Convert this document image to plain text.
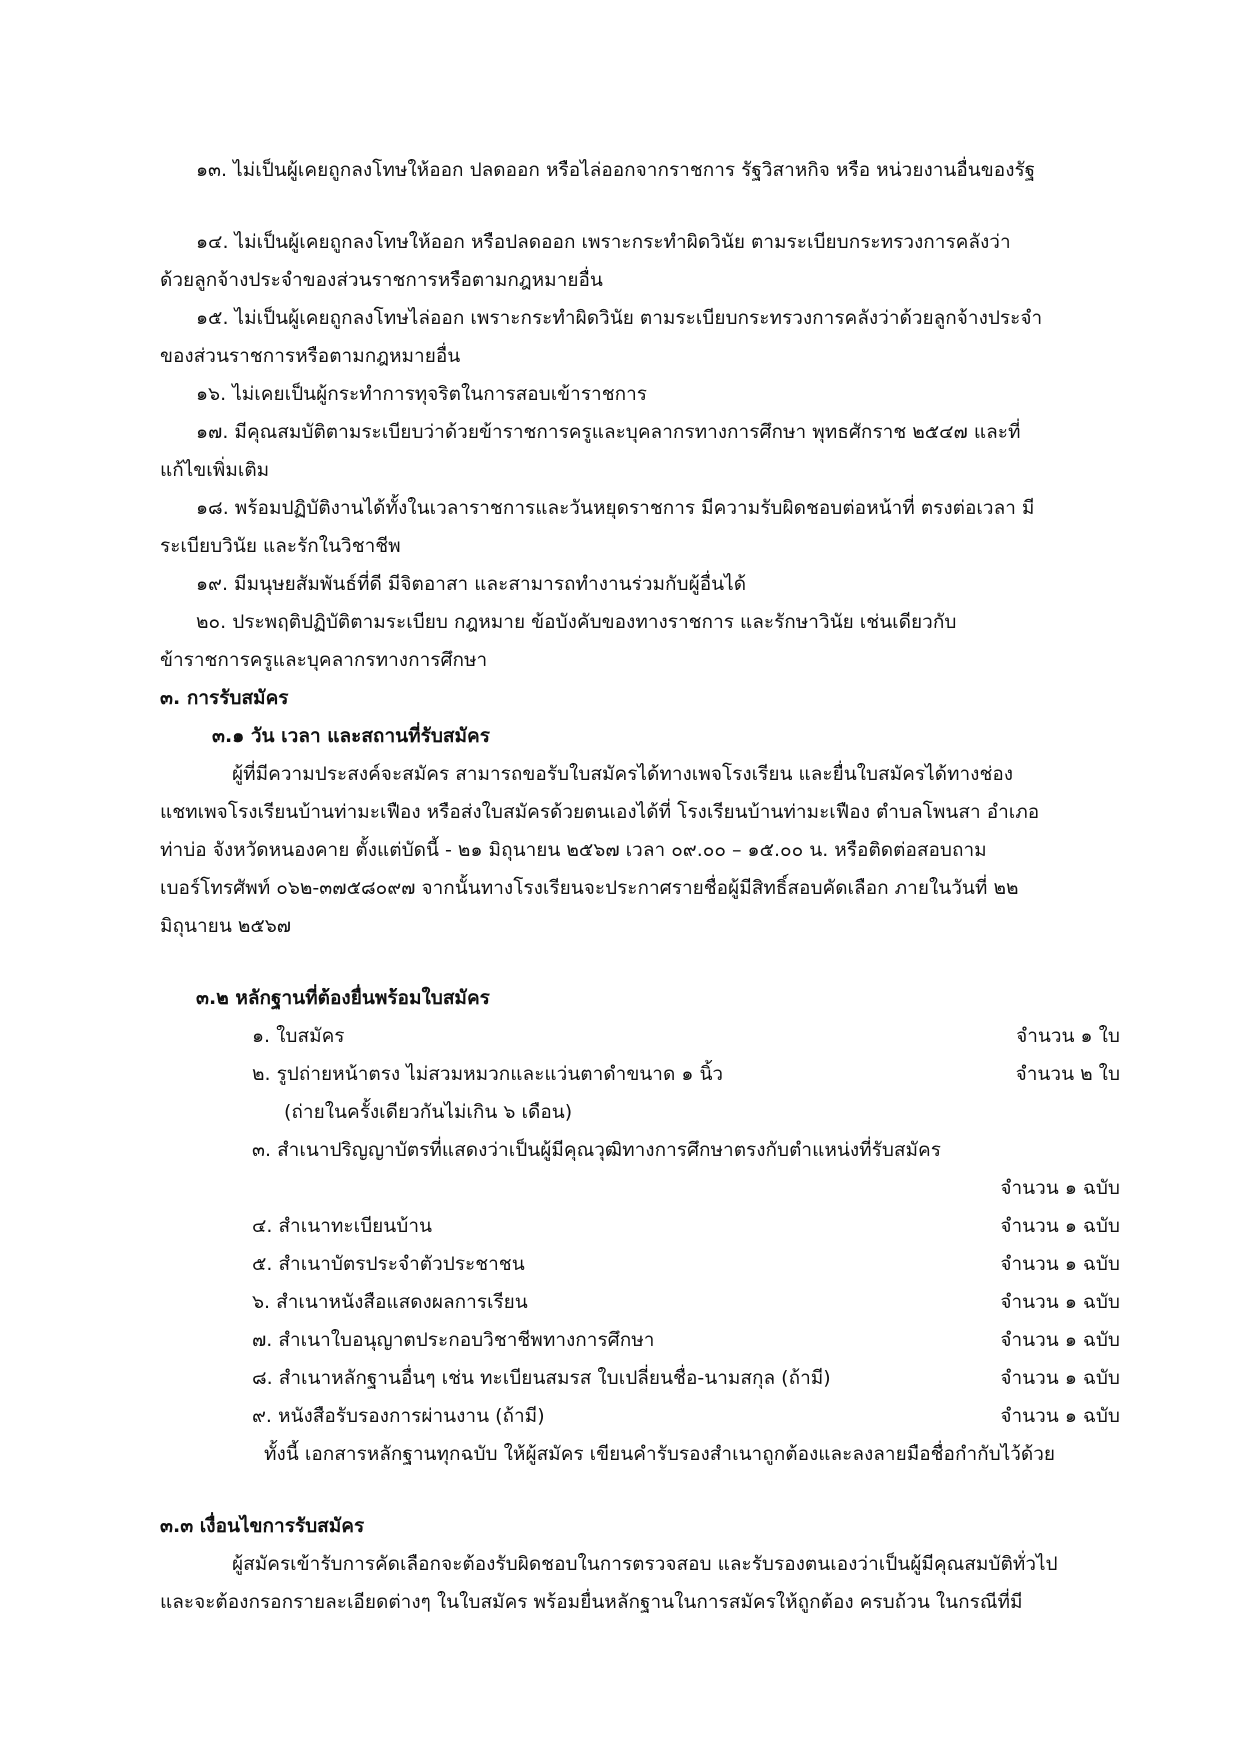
๑๓. ไม่เป็นผู้เคยถูกลงโทษให้ออก ปลดออก หรือไล่ออกจากราชการ รัฐวิสาหกิจ หรือ หน่วยงานอื่นของรัฐ
๑๔. ไม่เป็นผู้เคยถูกลงโทษให้ออก หรือปลดออก เพราะกระทำผิดวินัย ตามระเบียบกระทรวงการคลังว่า
ด้วยลูกจ้างประจำของส่วนราชการหรือตามกฎหมายอื่น
๑๕. ไม่เป็นผู้เคยถูกลงโทษไล่ออก เพราะกระทำผิดวินัย ตามระเบียบกระทรวงการคลังว่าด้วยลูกจ้างประจำ
ของส่วนราชการหรือตามกฎหมายอื่น
๑๖. ไม่เคยเป็นผู้กระทำการทุจริตในการสอบเข้าราชการ
๑๗. มีคุณสมบัติตามระเบียบว่าด้วยข้าราชการครูและบุคลากรทางการศึกษา พุทธศักราช ๒๕๔๗ และที่
แก้ไขเพิ่มเติม
๑๘. พร้อมปฏิบัติงานได้ทั้งในเวลาราชการและวันหยุดราชการ มีความรับผิดชอบต่อหน้าที่ ตรงต่อเวลา มี
ระเบียบวินัย และรักในวิชาชีพ
๑๙. มีมนุษยสัมพันธ์ที่ดี มีจิตอาสา และสามารถทำงานร่วมกับผู้อื่นได้
๒๐. ประพฤติปฏิบัติตามระเบียบ กฎหมาย ข้อบังคับของทางราชการ และรักษาวินัย เช่นเดียวกับ
ข้าราชการครูและบุคลากรทางการศึกษา
๓. การรับสมัคร
๓.๑ วัน เวลา และสถานที่รับสมัคร
ผู้ที่มีความประสงค์จะสมัคร สามารถขอรับใบสมัครได้ทางเพจโรงเรียน และยื่นใบสมัครได้ทางช่อง
แชทเพจโรงเรียนบ้านท่ามะเฟือง หรือส่งใบสมัครด้วยตนเองได้ที่ โรงเรียนบ้านท่ามะเฟือง ตำบลโพนสา อำเภอ
ท่าบ่อ จังหวัดหนองคาย ตั้งแต่บัดนี้ - ๒๑ มิถุนายน ๒๕๖๗ เวลา ๐๙.๐๐ – ๑๕.๐๐ น. หรือติดต่อสอบถาม
เบอร์โทรศัพท์ ๐๖๒-๓๗๕๘๐๙๗ จากนั้นทางโรงเรียนจะประกาศรายชื่อผู้มีสิทธิ์สอบคัดเลือก ภายในวันที่ ๒๒
มิถุนายน ๒๕๖๗
๓.๒ หลักฐานที่ต้องยื่นพร้อมใบสมัคร
๑. ใบสมัคร	จำนวน ๑ ใบ
๒. รูปถ่ายหน้าตรง ไม่สวมหมวกและแว่นตาดำขนาด ๑ นิ้ว	จำนวน ๒ ใบ
(ถ่ายในครั้งเดียวกันไม่เกิน ๖ เดือน)
๓. สำเนาปริญญาบัตรที่แสดงว่าเป็นผู้มีคุณวุฒิทางการศึกษาตรงกับตำแหน่งที่รับสมัคร
จำนวน ๑ ฉบับ
๔. สำเนาทะเบียนบ้าน	จำนวน ๑ ฉบับ
๕. สำเนาบัตรประจำตัวประชาชน	จำนวน ๑ ฉบับ
๖. สำเนาหนังสือแสดงผลการเรียน	จำนวน ๑ ฉบับ
๗. สำเนาใบอนุญาตประกอบวิชาชีพทางการศึกษา	จำนวน ๑ ฉบับ
๘. สำเนาหลักฐานอื่นๆ เช่น ทะเบียนสมรส ใบเปลี่ยนชื่อ-นามสกุล (ถ้ามี)	จำนวน ๑ ฉบับ
๙. หนังสือรับรองการผ่านงาน (ถ้ามี)	จำนวน ๑ ฉบับ
ทั้งนี้ เอกสารหลักฐานทุกฉบับ ให้ผู้สมัคร เขียนคำรับรองสำเนาถูกต้องและลงลายมือชื่อกำกับไว้ด้วย
๓.๓ เงื่อนไขการรับสมัคร
ผู้สมัครเข้ารับการคัดเลือกจะต้องรับผิดชอบในการตรวจสอบ และรับรองตนเองว่าเป็นผู้มีคุณสมบัติทั่วไป
และจะต้องกรอกรายละเอียดต่างๆ ในใบสมัคร พร้อมยื่นหลักฐานในการสมัครให้ถูกต้อง ครบถ้วน ในกรณีที่มี
